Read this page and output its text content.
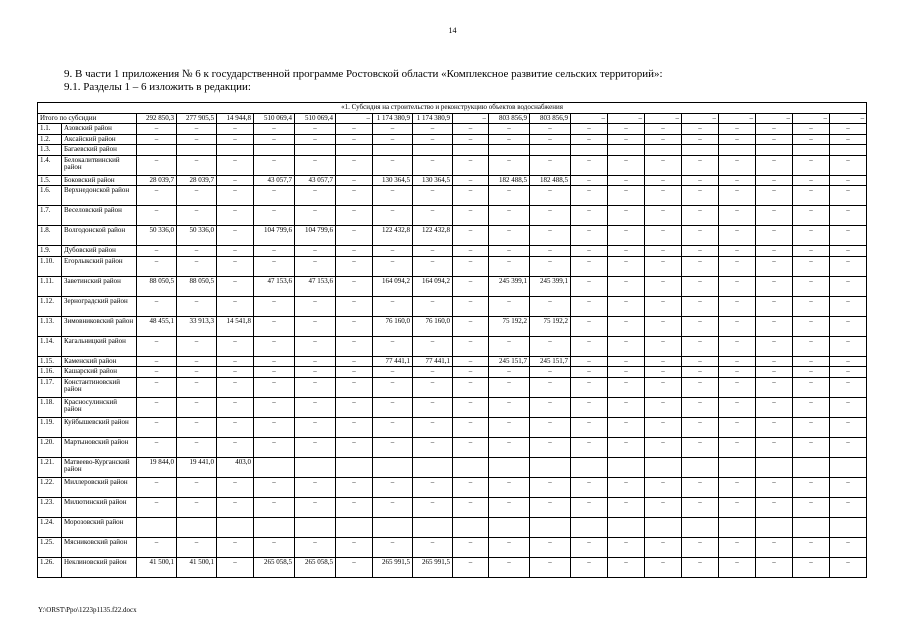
14
9. В части 1 приложения № 6 к государственной программе Ростовской области «Комплексное развитие сельских территорий»:
9.1. Разделы 1 – 6 изложить в редакции:
«1. Субсидия на строительство и реконструкцию объектов водоснабжения																				
Итого по субсидии		292 850,3	277 905,5	14 944,8	510 069,4	510 069,4	–	1 174 380,9	1 174 380,9	–	803 856,9	803 856,9	–	–	–	–	–	–	–	–
1.1.	Азовский район	–	–	–	–	–	–	–	–	–	–	–	–	–	–	–	–	–	–	–
1.2.	Аксайский район	–	–	–	–	–	–	–	–	–	–	–	–	–	–	–	–	–	–	–
1.3.	Багаевский район																			
1.4.	Белокалитвинский район	–	–	–	–	–	–	–	–	–	–	–	–	–	–	–	–	–	–	–
1.5.	Боковский район	28 039,7	28 039,7	–	43 057,7	43 057,7	–	130 364,5	130 364,5	–	182 488,5	182 488,5	–	–	–	–	–	–	–	–
1.6.	Верхнедонской район	–	–	–	–	–	–	–	–	–	–	–	–	–	–	–	–	–	–	–
1.7.	Веселовский район	–	–	–	–	–	–	–	–	–	–	–	–	–	–	–	–	–	–	–
1.8.	Волгодонской район	50 336,0	50 336,0	–	104 799,6	104 799,6	–	122 432,8	122 432,8	–	–	–	–	–	–	–	–	–	–	–
1.9.	Дубовский район	–	–	–	–	–	–	–	–	–	–	–	–	–	–	–	–	–	–	–
1.10.	Егорлыкский район	–	–	–	–	–	–	–	–	–	–	–	–	–	–	–	–	–	–	–
1.11.	Заветинский район	88 050,5	88 050,5	–	47 153,6	47 153,6	–	164 094,2	164 094,2	–	245 399,1	245 399,1	–	–	–	–	–	–	–	–
1.12.	Зерноградский район	–	–	–	–	–	–	–	–	–	–	–	–	–	–	–	–	–	–	–
1.13.	Зимовниковский район	48 455,1	33 913,3	14 541,8	–	–	–	76 160,0	76 160,0	–	75 192,2	75 192,2	–	–	–	–	–	–	–	–
1.14.	Кагальницкий район	–	–	–	–	–	–	–	–	–	–	–	–	–	–	–	–	–	–	–
1.15.	Каменский район	–	–	–	–	–	–	77 441,1	77 441,1	–	245 151,7	245 151,7	–	–	–	–	–	–	–	–
1.16.	Кашарский район	–	–	–	–	–	–	–	–	–	–	–	–	–	–	–	–	–	–	–
1.17.	Константиновский район	–	–	–	–	–	–	–	–	–	–	–	–	–	–	–	–	–	–	–
1.18.	Красносулинский район	–	–	–	–	–	–	–	–	–	–	–	–	–	–	–	–	–	–	–
1.19.	Куйбышевский район	–	–	–	–	–	–	–	–	–	–	–	–	–	–	–	–	–	–	–
1.20.	Мартыновский район	–	–	–	–	–	–	–	–	–	–	–	–	–	–	–	–	–	–	–
1.21.	Матвеево-Курганский район	19 844,0	19 441,0	403,0																
1.22.	Миллеровский район	–	–	–	–	–	–	–	–	–	–	–	–	–	–	–	–	–	–	–
1.23.	Милютинский район	–	–	–	–	–	–	–	–	–	–	–	–	–	–	–	–	–	–	–
1.24.	Морозовский район																			
1.25.	Мясниковский район	–	–	–	–	–	–	–	–	–	–	–	–	–	–	–	–	–	–	–
1.26.	Неклиновский район	41 500,1	41 500,1	–	265 058,5	265 058,5	–	265 991,5	265 991,5	–	–	–	–	–	–	–	–	–	–	–
Y:\ORST\Ppo\1223p1135.f22.docx
